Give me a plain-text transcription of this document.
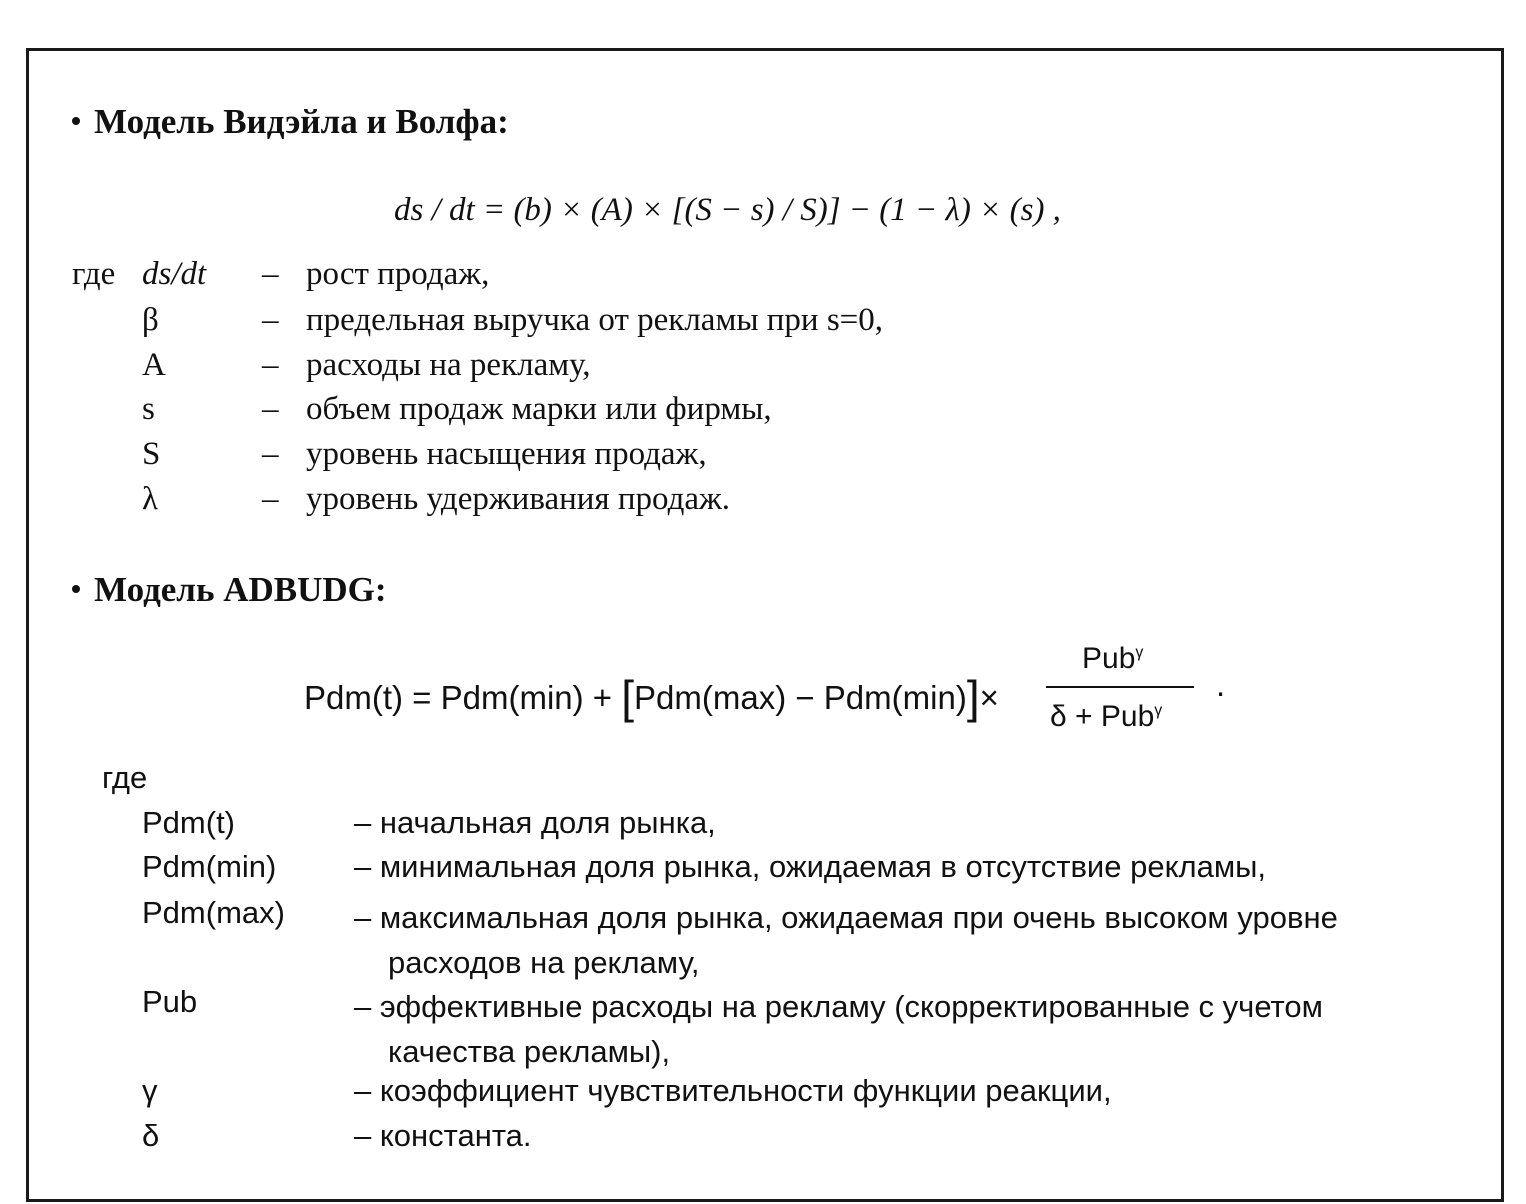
Модель Видэйла и Волфа:
ds / dt = (b) × (A) × [(S − s) / S)] − (1 − λ) × (s) ,
где ds/dt – рост продаж,
β	– предельная выручка от рекламы при s=0,
A	– расходы на рекламу,
s	– объем продаж марки или фирмы,
S	– уровень насыщения продаж,
λ	– уровень удерживания продаж.
Модель ADBUDG:
Pdm(t) = Pdm(min) + [Pdm(max) − Pdm(min)]×
Pub$^\gamma$
δ + Pub$^\gamma$
.
где
Pdm(t)	– начальная доля рынка,
Pdm(min)	– минимальная доля рынка, ожидаемая в отсутствие рекламы,
Pdm(max) – максимальная доля рынка, ожидаемая при очень высоком уровне
расходов на рекламу,
Pub	– эффективные расходы на рекламу (скорректированные с учетом
качества рекламы),
γ	– коэффициент чувствительности функции реакции,
δ	– константа.
